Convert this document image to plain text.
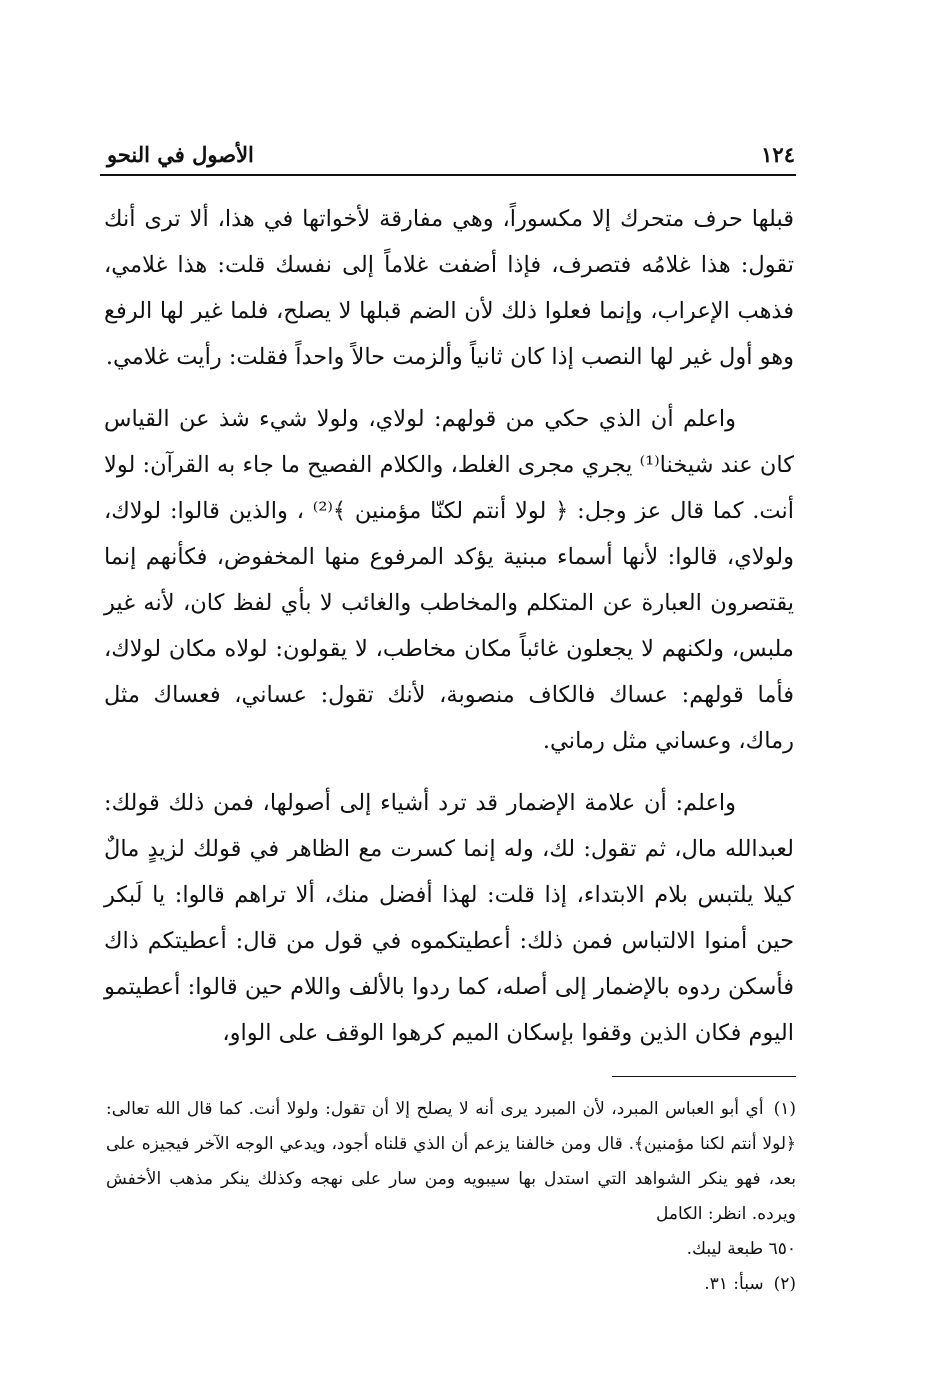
الأصول في النحو	١٢٤

قبلها حرف متحرك إلا مكسوراً، وهي مفارقة لأخواتها في هذا، ألا ترى أنك تقول: هذا غلامُه فتصرف، فإذا أضفت غلاماً إلى نفسك قلت: هذا غلامي، فذهب الإعراب، وإنما فعلوا ذلك لأن الضم قبلها لا يصلح، فلما غير لها الرفع وهو أول غير لها النصب إذا كان ثانياً وألزمت حالاً واحداً فقلت: رأيت غلامي.

واعلم أن الذي حكي من قولهم: لولاي، ولولا شيء شذ عن القياس كان عند شيخنا⁽¹⁾ يجري مجرى الغلط، والكلام الفصيح ما جاء به القرآن: لولا أنت. كما قال عز وجل: ﴿ لولا أنتم لكنّا مؤمنين ﴾⁽²⁾ ، والذين قالوا: لولاك، ولولاي، قالوا: لأنها أسماء مبنية يؤكد المرفوع منها المخفوض، فكأنهم إنما يقتصرون العبارة عن المتكلم والمخاطب والغائب لا بأي لفظ كان، لأنه غير ملبس، ولكنهم لا يجعلون غائباً مكان مخاطب، لا يقولون: لولاه مكان لولاك، فأما قولهم: عساك فالكاف منصوبة، لأنك تقول: عساني، فعساك مثل رماك، وعساني مثل رماني.

واعلم: أن علامة الإضمار قد ترد أشياء إلى أصولها، فمن ذلك قولك: لعبدالله مال، ثم تقول: لك، وله إنما كسرت مع الظاهر في قولك لزيدٍ مالٌ كيلا يلتبس بلام الابتداء، إذا قلت: لهذا أفضل منك، ألا تراهم قالوا: يا لَبكر حين أمنوا الالتباس فمن ذلك: أعطيتكموه في قول من قال: أعطيتكم ذاك فأسكن ردوه بالإضمار إلى أصله، كما ردوا بالألف واللام حين قالوا: أعطيتمو اليوم فكان الذين وقفوا بإسكان الميم كرهوا الوقف على الواو،

(١)أي أبو العباس المبرد، لأن المبرد يرى أنه لا يصلح إلا أن تقول: ولولا أنت. كما قال الله تعالى: ﴿لولا أنتم لكنا مؤمنين﴾. قال ومن خالفنا يزعم أن الذي قلناه أجود، ويدعي الوجه الآخر فيجيزه على بعد، فهو ينكر الشواهد التي استدل بها سيبويه ومن سار على نهجه وكذلك ينكر مذهب الأخفش ويرده. انظر: الكامل

٦٥٠ طبعة ليبك.

(٢)سبأ: ٣١.
